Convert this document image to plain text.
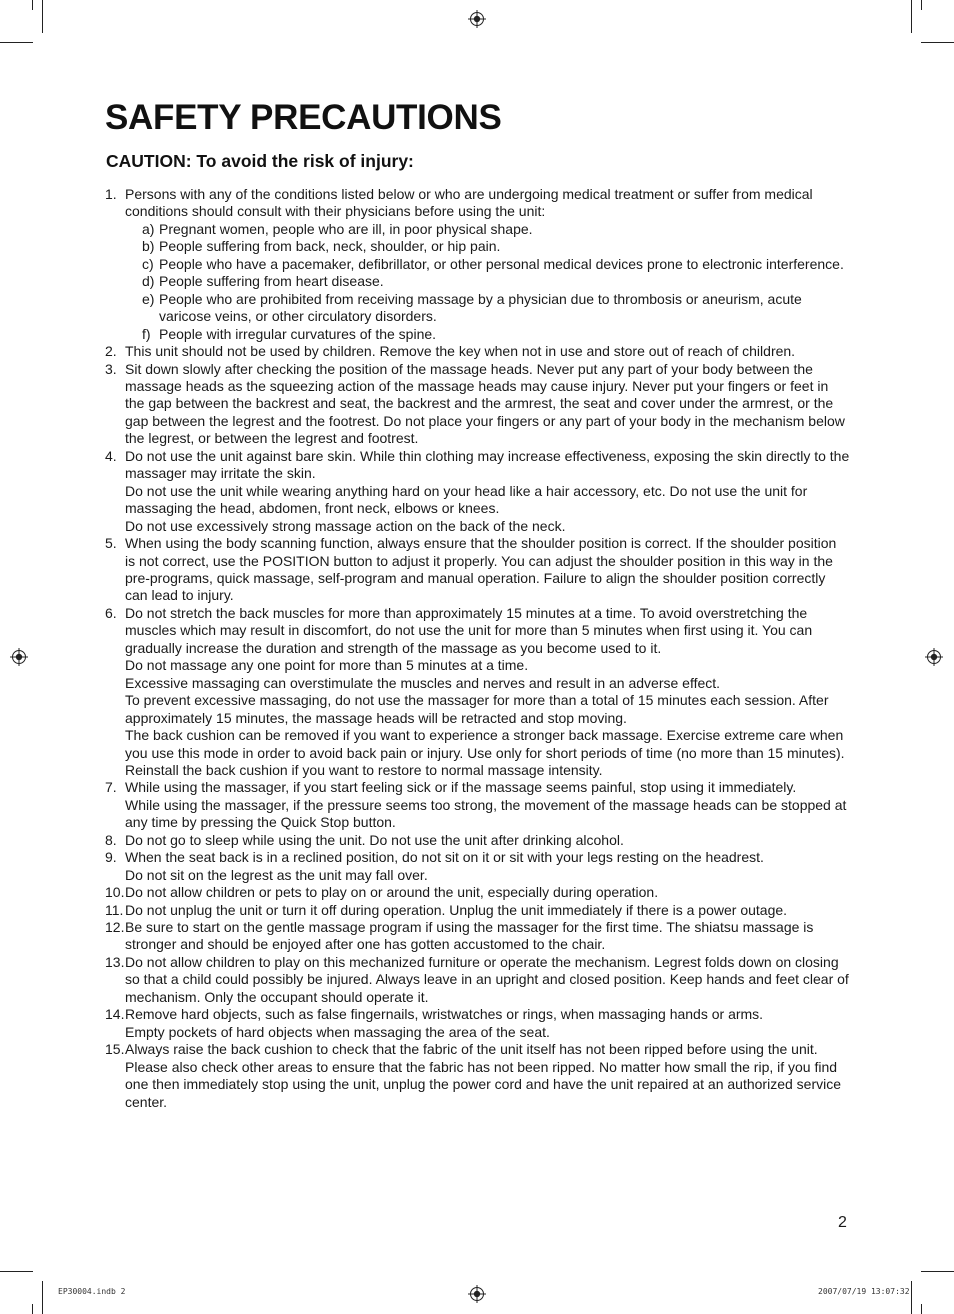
SAFETY PRECAUTIONS
CAUTION: To avoid the risk of injury:
1. Persons with any of the conditions listed below or who are undergoing medical treatment or suffer from medical conditions should consult with their physicians before using the unit:
a) Pregnant women, people who are ill, in poor physical shape.
b) People suffering from back, neck, shoulder, or hip pain.
c) People who have a pacemaker, defibrillator, or other personal medical devices prone to electronic interference.
d) People suffering from heart disease.
e) People who are prohibited from receiving massage by a physician due to thrombosis or aneurism, acute varicose veins, or other circulatory disorders.
f) People with irregular curvatures of the spine.
2. This unit should not be used by children. Remove the key when not in use and store out of reach of children.
3. Sit down slowly after checking the position of the massage heads. Never put any part of your body between the massage heads as the squeezing action of the massage heads may cause injury. Never put your fingers or feet in the gap between the backrest and seat, the backrest and the armrest, the seat and cover under the armrest, or the gap between the legrest and the footrest. Do not place your fingers or any part of your body in the mechanism below the legrest, or between the legrest and footrest.
4. Do not use the unit against bare skin. While thin clothing may increase effectiveness, exposing the skin directly to the massager may irritate the skin.
Do not use the unit while wearing anything hard on your head like a hair accessory, etc. Do not use the unit for massaging the head, abdomen, front neck, elbows or knees.
Do not use excessively strong massage action on the back of the neck.
5. When using the body scanning function, always ensure that the shoulder position is correct. If the shoulder position is not correct, use the POSITION button to adjust it properly. You can adjust the shoulder position in this way in the pre-programs, quick massage, self-program and manual operation. Failure to align the shoulder position correctly can lead to injury.
6. Do not stretch the back muscles for more than approximately 15 minutes at a time. To avoid overstretching the muscles which may result in discomfort, do not use the unit for more than 5 minutes when first using it. You can gradually increase the duration and strength of the massage as you become used to it.
Do not massage any one point for more than 5 minutes at a time.
Excessive massaging can overstimulate the muscles and nerves and result in an adverse effect.
To prevent excessive massaging, do not use the massager for more than a total of 15 minutes each session. After approximately 15 minutes, the massage heads will be retracted and stop moving.
The back cushion can be removed if you want to experience a stronger back massage. Exercise extreme care when you use this mode in order to avoid back pain or injury. Use only for short periods of time (no more than 15 minutes). Reinstall the back cushion if you want to restore to normal massage intensity.
7. While using the massager, if you start feeling sick or if the massage seems painful, stop using it immediately.
While using the massager, if the pressure seems too strong, the movement of the massage heads can be stopped at any time by pressing the Quick Stop button.
8. Do not go to sleep while using the unit. Do not use the unit after drinking alcohol.
9. When the seat back is in a reclined position, do not sit on it or sit with your legs resting on the headrest.
Do not sit on the legrest as the unit may fall over.
10. Do not allow children or pets to play on or around the unit, especially during operation.
11. Do not unplug the unit or turn it off during operation. Unplug the unit immediately if there is a power outage.
12. Be sure to start on the gentle massage program if using the massager for the first time. The shiatsu massage is stronger and should be enjoyed after one has gotten accustomed to the chair.
13. Do not allow children to play on this mechanized furniture or operate the mechanism. Legrest folds down on closing so that a child could possibly be injured. Always leave in an upright and closed position. Keep hands and feet clear of mechanism. Only the occupant should operate it.
14. Remove hard objects, such as false fingernails, wristwatches or rings, when massaging hands or arms.
Empty pockets of hard objects when massaging the area of the seat.
15. Always raise the back cushion to check that the fabric of the unit itself has not been ripped before using the unit. Please also check other areas to ensure that the fabric has not been ripped. No matter how small the rip, if you find one then immediately stop using the unit, unplug the power cord and have the unit repaired at an authorized service center.
2
EP30004.indb 2	2007/07/19 13:07:32
